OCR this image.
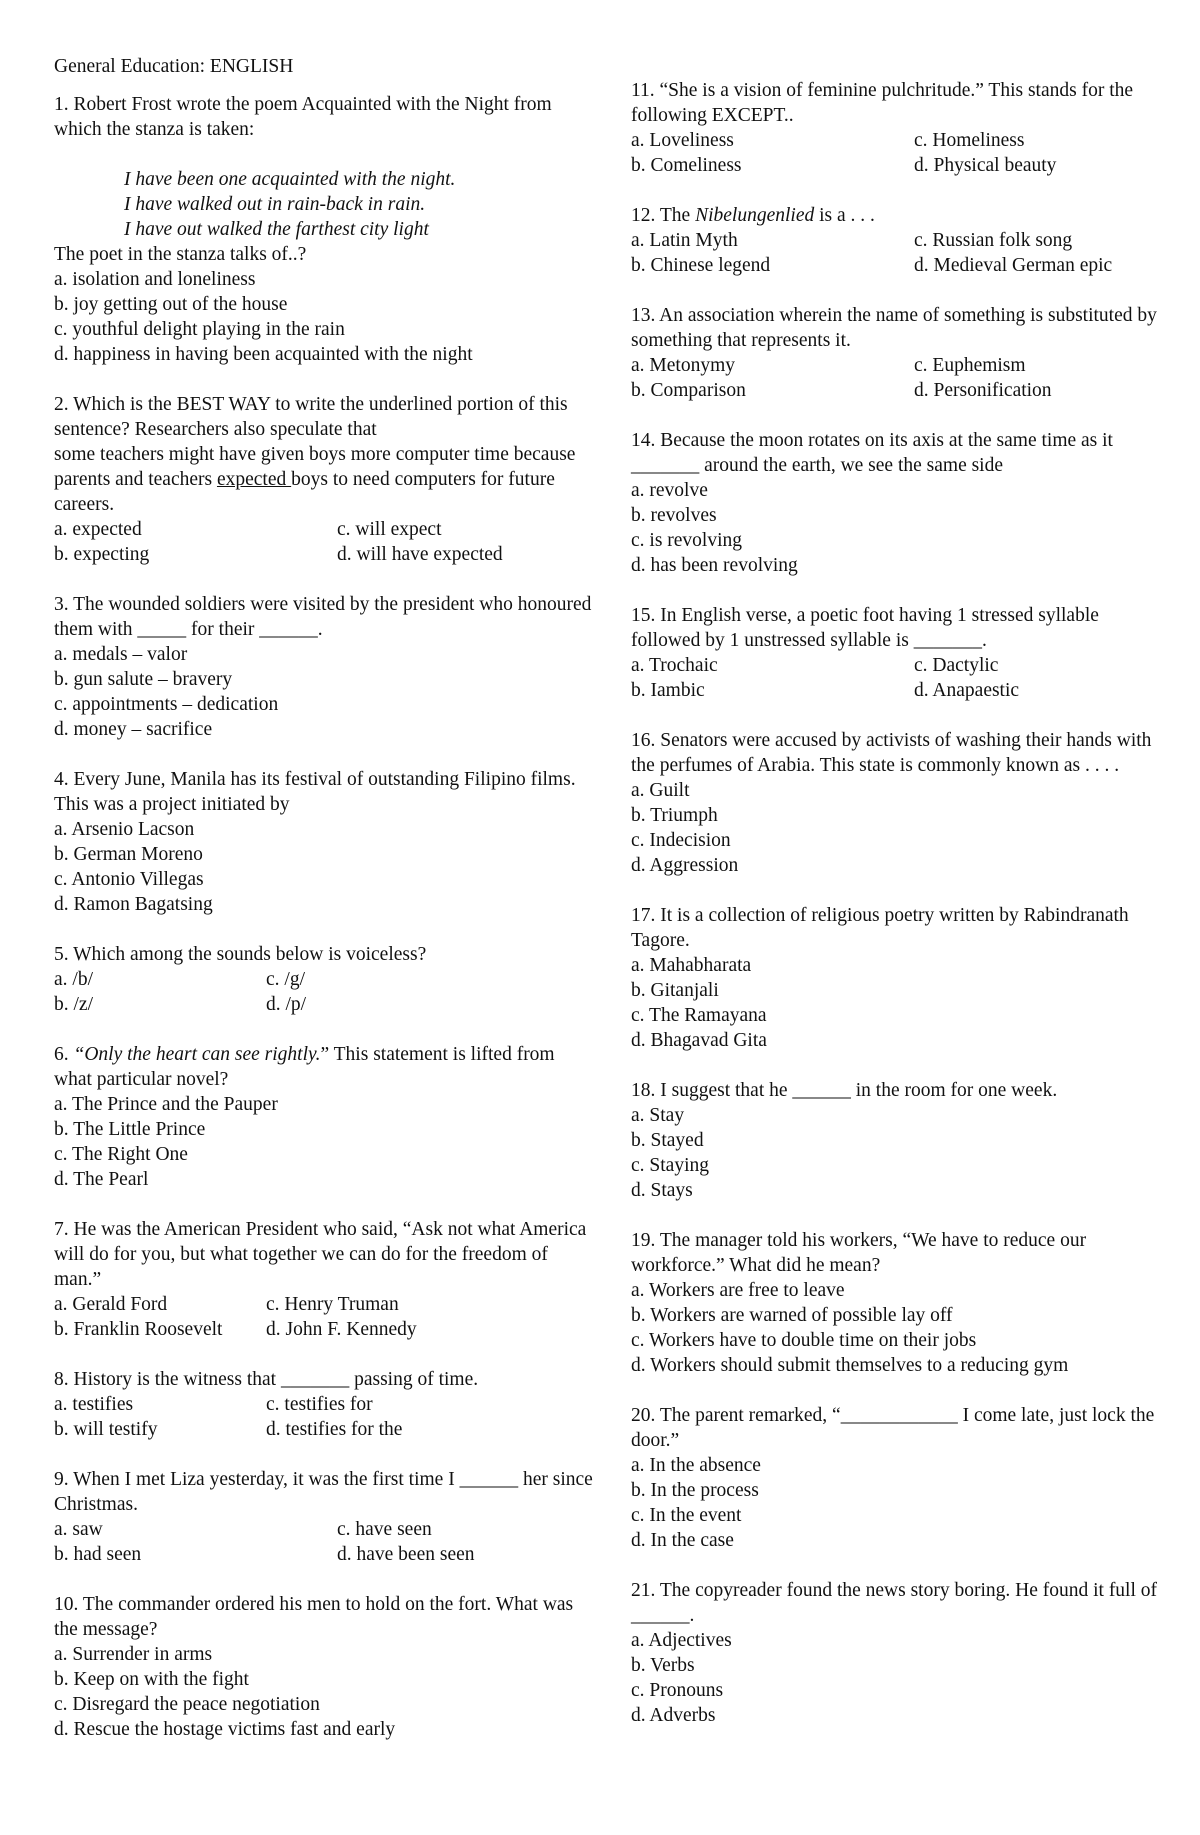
General Education: ENGLISH
1. Robert Frost wrote the poem Acquainted with the Night from which the stanza is taken:
I have been one acquainted with the night.
I have walked out in rain-back in rain.
I have out walked the farthest city light
The poet in the stanza talks of..?
a. isolation and loneliness
b. joy getting out of the house
c. youthful delight playing in the rain
d. happiness in having been acquainted with the night
2. Which is the BEST WAY to write the underlined portion of this sentence? Researchers also speculate that
some teachers might have given boys more computer time because parents and teachers expected boys to need computers for future careers.
a. expected	c. will expect
b. expecting	d. will have expected
3. The wounded soldiers were visited by the president who honoured them with _____ for their ______.
a. medals – valor
b. gun salute – bravery
c. appointments – dedication
d. money – sacrifice
4. Every June, Manila has its festival of outstanding Filipino films. This was a project initiated by
a. Arsenio Lacson
b. German Moreno
c. Antonio Villegas
d. Ramon Bagatsing
5. Which among the sounds below is voiceless?
a. /b/	c. /g/
b. /z/	d. /p/
6. “Only the heart can see rightly.” This statement is lifted from what particular novel?
a. The Prince and the Pauper
b. The Little Prince
c. The Right One
d. The Pearl
7. He was the American President who said, “Ask not what America will do for you, but what together we can do for the freedom of man.”
a. Gerald Ford	c. Henry Truman
b. Franklin Roosevelt	d. John F. Kennedy
8. History is the witness that _______ passing of time.
a. testifies	c. testifies for
b. will testify	d. testifies for the
9. When I met Liza yesterday, it was the first time I ______ her since Christmas.
a. saw	c. have seen
b. had seen	d. have been seen
10. The commander ordered his men to hold on the fort. What was the message?
a. Surrender in arms
b. Keep on with the fight
c. Disregard the peace negotiation
d. Rescue the hostage victims fast and early
11. “She is a vision of feminine pulchritude.” This stands for the following EXCEPT..
a. Loveliness	c. Homeliness
b. Comeliness	d. Physical beauty
12. The Nibelungenlied is a . . .
a. Latin Myth	c. Russian folk song
b. Chinese legend	d. Medieval German epic
13. An association wherein the name of something is substituted by something that represents it.
a. Metonymy	c. Euphemism
b. Comparison	d. Personification
14. Because the moon rotates on its axis at the same time as it _______ around the earth, we see the same side
a. revolve
b. revolves
c. is revolving
d. has been revolving
15. In English verse, a poetic foot having 1 stressed syllable followed by 1 unstressed syllable is _______.
a. Trochaic	c. Dactylic
b. Iambic	d. Anapaestic
16. Senators were accused by activists of washing their hands with the perfumes of Arabia. This state is commonly known as . . . .
a. Guilt
b. Triumph
c. Indecision
d. Aggression
17. It is a collection of religious poetry written by Rabindranath Tagore.
a. Mahabharata
b. Gitanjali
c. The Ramayana
d. Bhagavad Gita
18. I suggest that he ______ in the room for one week.
a. Stay
b. Stayed
c. Staying
d. Stays
19. The manager told his workers, “We have to reduce our workforce.” What did he mean?
a. Workers are free to leave
b. Workers are warned of possible lay off
c. Workers have to double time on their jobs
d. Workers should submit themselves to a reducing gym
20. The parent remarked, “____________ I come late, just lock the door.”
a. In the absence
b. In the process
c. In the event
d. In the case
21. The copyreader found the news story boring. He found it full of ______.
a. Adjectives
b. Verbs
c. Pronouns
d. Adverbs
